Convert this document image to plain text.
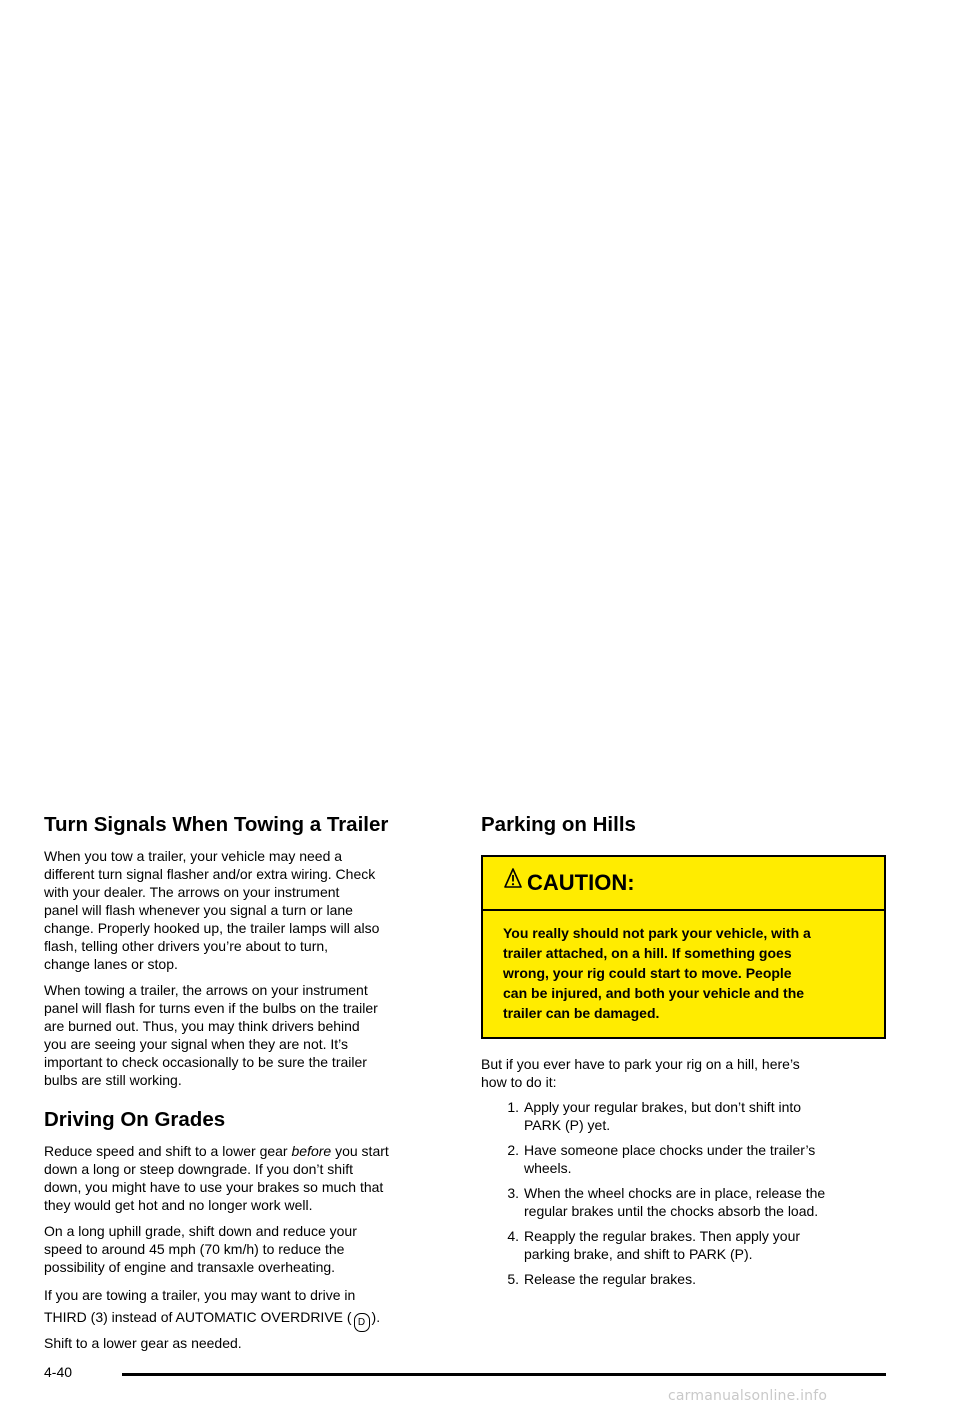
Turn Signals When Towing a Trailer

When you tow a trailer, your vehicle may need a
different turn signal flasher and/or extra wiring. Check
with your dealer. The arrows on your instrument
panel will flash whenever you signal a turn or lane
change. Properly hooked up, the trailer lamps will also
flash, telling other drivers you’re about to turn,
change lanes or stop.

When towing a trailer, the arrows on your instrument
panel will flash for turns even if the bulbs on the trailer
are burned out. Thus, you may think drivers behind
you are seeing your signal when they are not. It’s
important to check occasionally to be sure the trailer
bulbs are still working.

Driving On Grades

Reduce speed and shift to a lower gear before you start
down a long or steep downgrade. If you don’t shift
down, you might have to use your brakes so much that
they would get hot and no longer work well.

On a long uphill grade, shift down and reduce your
speed to around 45 mph (70 km/h) to reduce the
possibility of engine and transaxle overheating.

If you are towing a trailer, you may want to drive in
THIRD (3) instead of AUTOMATIC OVERDRIVE ( D ).
Shift to a lower gear as needed.

Parking on Hills
CAUTION:

You really should not park your vehicle, with a
trailer attached, on a hill. If something goes
wrong, your rig could start to move. People
can be injured, and both your vehicle and the
trailer can be damaged.

But if you ever have to park your rig on a hill, here’s
how to do it:

1. Apply your regular brakes, but don’t shift into
PARK (P) yet.
2. Have someone place chocks under the trailer’s
wheels.
3. When the wheel chocks are in place, release the
regular brakes until the chocks absorb the load.
4. Reapply the regular brakes. Then apply your
parking brake, and shift to PARK (P).
5. Release the regular brakes.
4-40
carmanualsonline.info
